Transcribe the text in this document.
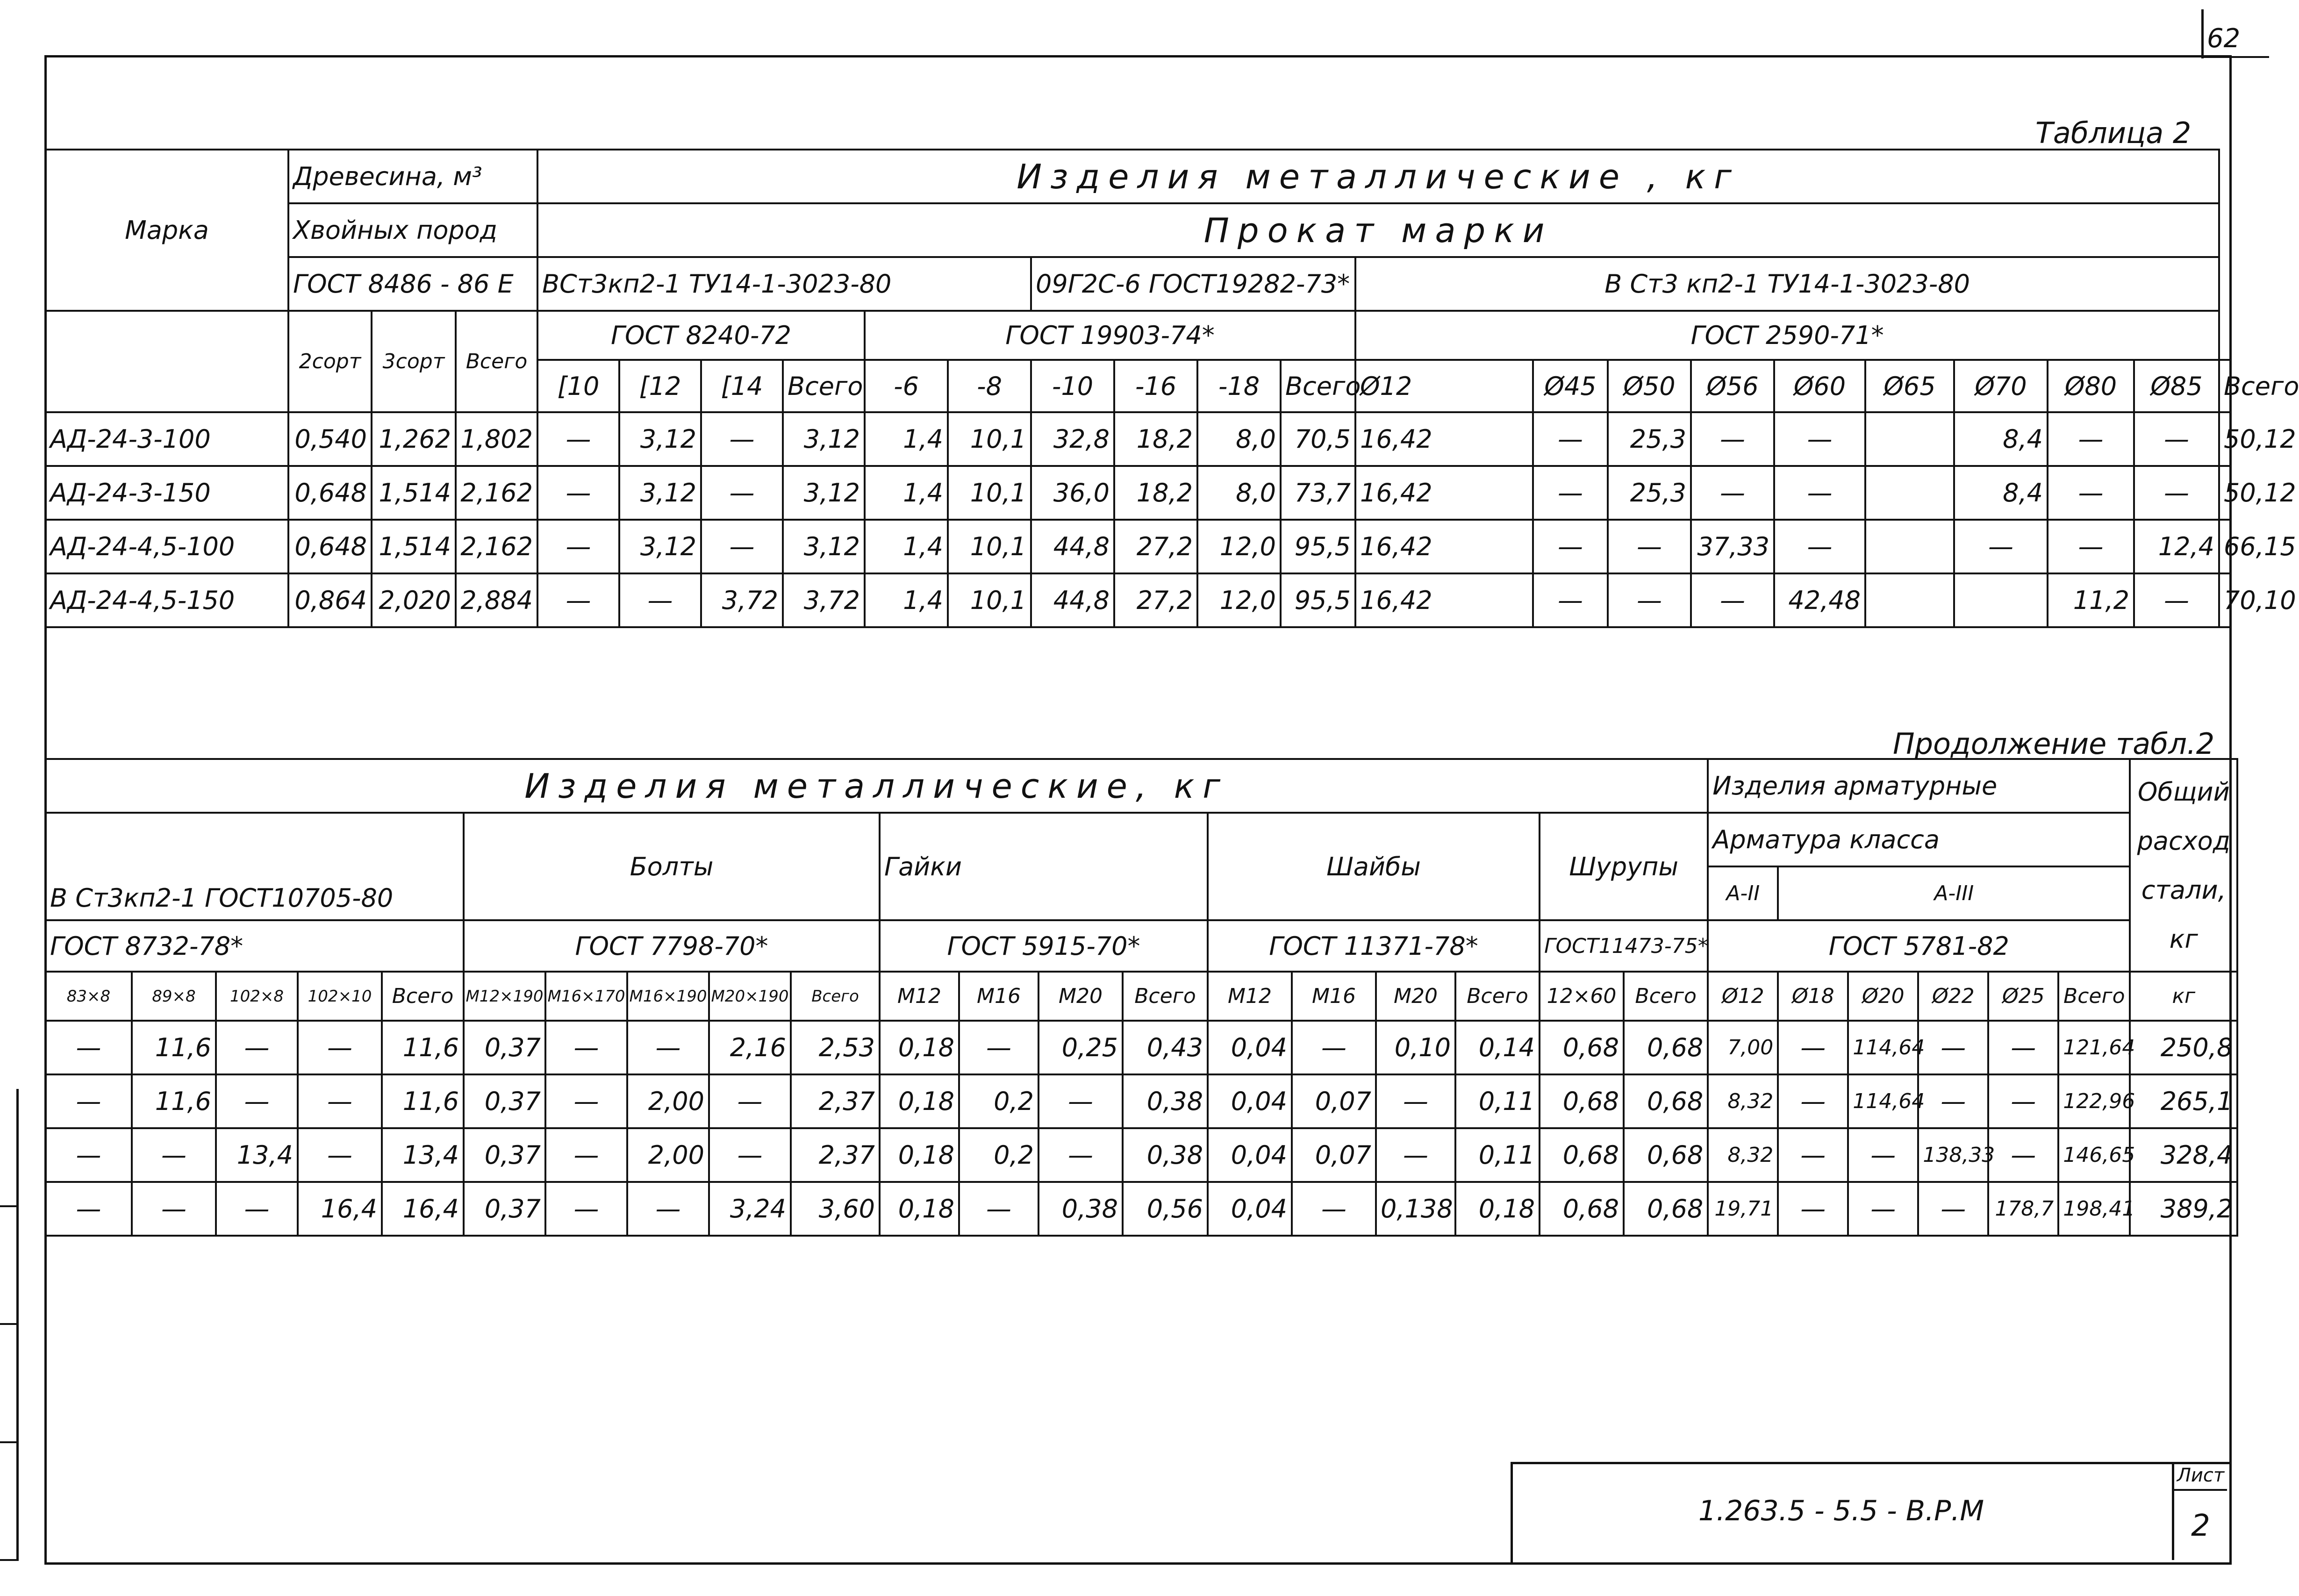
62
Таблица 2
Марка	Древесина, м³			Изделия металлические , кг																			
	Хвойных пород			Прокат марки																			
	ГОСТ 8486 - 86 Е			ВСт3кп2-1 ТУ14-1-3023-80						09Г2С-6 ГОСТ19282-73*				В Ст3 кп2-1 ТУ14-1-3023-80									
	2сорт	3сорт	Всего	ГОСТ 8240-72				ГОСТ 19903-74*						ГОСТ 2590-71*									
				[10	[12	[14	Всего	-6	-8	-10	-16	-18	Всего	Ø12	Ø45	Ø50	Ø56	Ø60	Ø65	Ø70	Ø80	Ø85	Всего
АД-24-3-100	0,540	1,262	1,802	—	3,12	—	3,12	1,4	10,1	32,8	18,2	8,0	70,5	16,42	—	25,3	—	—		8,4	—	—	50,12
АД-24-3-150	0,648	1,514	2,162	—	3,12	—	3,12	1,4	10,1	36,0	18,2	8,0	73,7	16,42	—	25,3	—	—		8,4	—	—	50,12
АД-24-4,5-100	0,648	1,514	2,162	—	3,12	—	3,12	1,4	10,1	44,8	27,2	12,0	95,5	16,42	—	—	37,33	—		—	—	12,4	66,15
АД-24-4,5-150	0,864	2,020	2,884	—	—	3,72	3,72	1,4	10,1	44,8	27,2	12,0	95,5	16,42	—	—	—	42,48			11,2	—	70,10
Продолжение табл.2
Изделия металлические, кг																				Изделия арматурные						Общий расход стали, кг
В Ст3кп2-1 ГОСТ10705-80					Болты					Гайки				Шайбы				Шурупы		Арматура класса						
																				А-II	А-III					
ГОСТ 8732-78*					ГОСТ 7798-70*					ГОСТ 5915-70*				ГОСТ 11371-78*				ГОСТ11473-75*		ГОСТ 5781-82						
83×8	89×8	102×8	102×10	Всего	М12×190	М16×170	М16×190	М20×190	Всего	М12	М16	М20	Всего	М12	М16	М20	Всего	12×60	Всего	Ø12	Ø18	Ø20	Ø22	Ø25	Всего	кг
—	11,6	—	—	11,6	0,37	—	—	2,16	2,53	0,18	—	0,25	0,43	0,04	—	0,10	0,14	0,68	0,68	7,00	—	114,64	—	—	121,64	250,8
—	11,6	—	—	11,6	0,37	—	2,00	—	2,37	0,18	0,2	—	0,38	0,04	0,07	—	0,11	0,68	0,68	8,32	—	114,64	—	—	122,96	265,1
—	—	13,4	—	13,4	0,37	—	2,00	—	2,37	0,18	0,2	—	0,38	0,04	0,07	—	0,11	0,68	0,68	8,32	—	—	138,33	—	146,65	328,4
—	—	—	16,4	16,4	0,37	—	—	3,24	3,60	0,18	—	0,38	0,56	0,04	—	0,138	0,18	0,68	0,68	19,71	—	—	—	178,7	198,41	389,2
1.263.5 - 5.5 - В.Р.М
Лист
2
